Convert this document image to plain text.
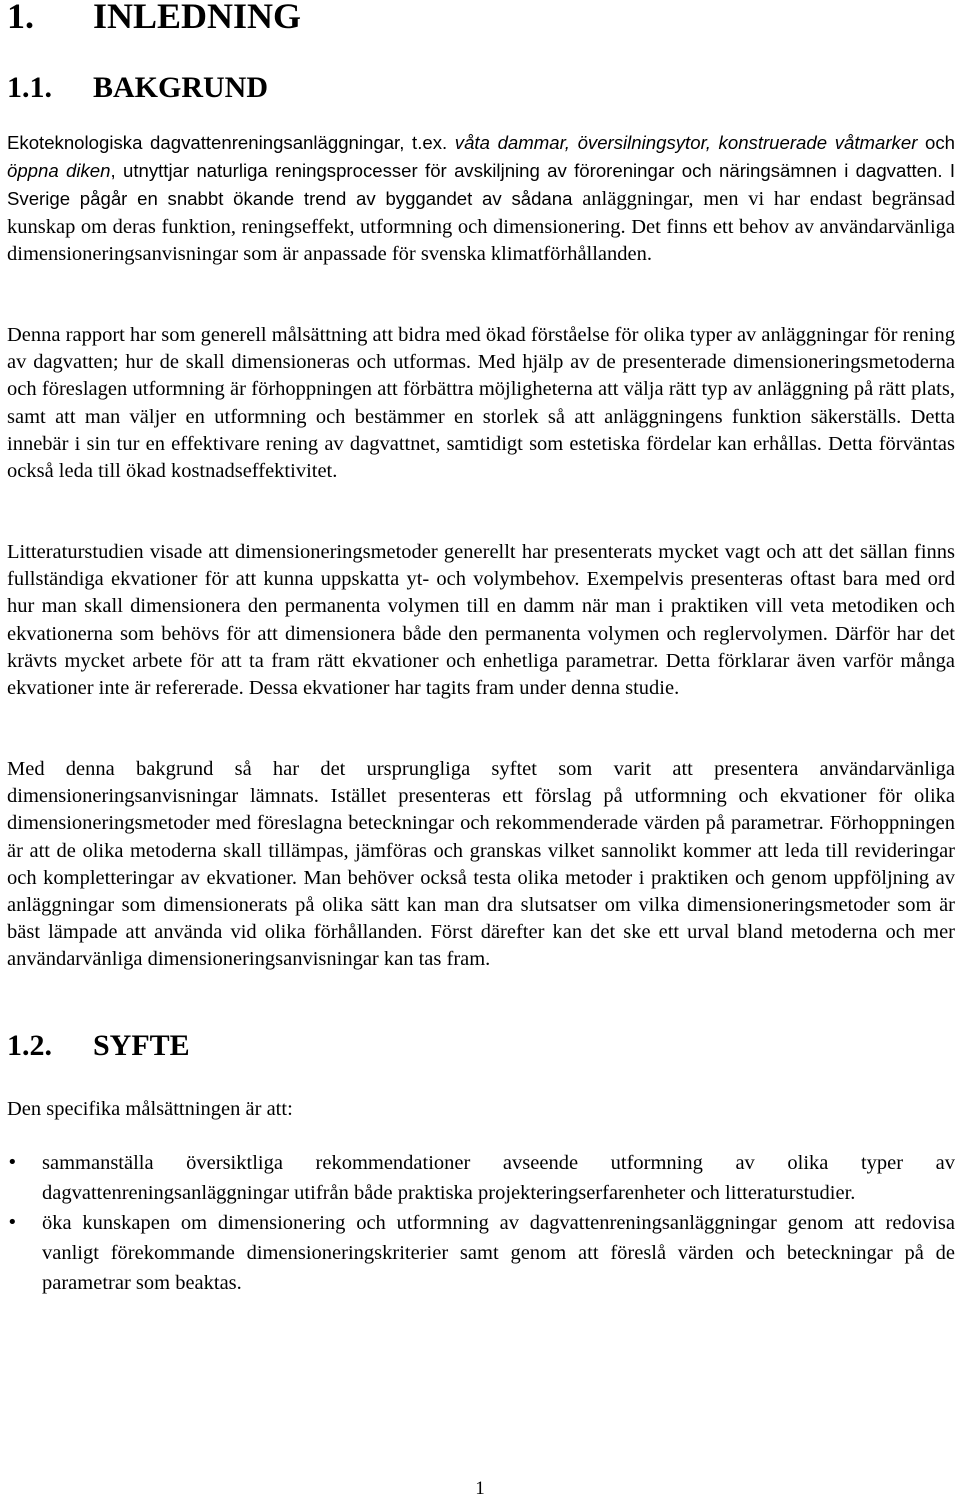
1. INLEDNING
1.1. BAKGRUND
Ekoteknologiska dagvattenreningsanläggningar, t.ex. våta dammar, översilningsytor, konstruerade våtmarker och öppna diken, utnyttjar naturliga reningsprocesser för avskiljning av föroreningar och näringsämnen i dagvatten. I Sverige pågår en snabbt ökande trend av byggandet av sådana anläggningar, men vi har endast begränsad kunskap om deras funktion, reningseffekt, utformning och dimensionering. Det finns ett behov av användarvänliga dimensioneringsanvisningar som är anpassade för svenska klimatförhållanden.
Denna rapport har som generell målsättning att bidra med ökad förståelse för olika typer av anläggningar för rening av dagvatten; hur de skall dimensioneras och utformas. Med hjälp av de presenterade dimensioneringsmetoderna och föreslagen utformning är förhoppningen att förbättra möjligheterna att välja rätt typ av anläggning på rätt plats, samt att man väljer en utformning och bestämmer en storlek så att anläggningens funktion säkerställs. Detta innebär i sin tur en effektivare rening av dagvattnet, samtidigt som estetiska fördelar kan erhållas. Detta förväntas också leda till ökad kostnadseffektivitet.
Litteraturstudien visade att dimensioneringsmetoder generellt har presenterats mycket vagt och att det sällan finns fullständiga ekvationer för att kunna uppskatta yt- och volymbehov. Exempelvis presenteras oftast bara med ord hur man skall dimensionera den permanenta volymen till en damm när man i praktiken vill veta metodiken och ekvationerna som behövs för att dimensionera både den permanenta volymen och reglervolymen. Därför har det krävts mycket arbete för att ta fram rätt ekvationer och enhetliga parametrar. Detta förklarar även varför många ekvationer inte är refererade. Dessa ekvationer har tagits fram under denna studie.
Med denna bakgrund så har det ursprungliga syftet som varit att presentera användarvänliga dimensioneringsanvisningar lämnats. Istället presenteras ett förslag på utformning och ekvationer för olika dimensioneringsmetoder med föreslagna beteckningar och rekommenderade värden på parametrar. Förhoppningen är att de olika metoderna skall tillämpas, jämföras och granskas vilket sannolikt kommer att leda till revideringar och kompletteringar av ekvationer. Man behöver också testa olika metoder i praktiken och genom uppföljning av anläggningar som dimensionerats på olika sätt kan man dra slutsatser om vilka dimensioneringsmetoder som är bäst lämpade att använda vid olika förhållanden. Först därefter kan det ske ett urval bland metoderna och mer användarvänliga dimensioneringsanvisningar kan tas fram.
1.2. SYFTE
Den specifika målsättningen är att:
• sammanställa översiktliga rekommendationer avseende utformning av olika typer av dagvattenreningsanläggningar utifrån både praktiska projekteringserfarenheter och litteraturstudier.
• öka kunskapen om dimensionering och utformning av dagvattenreningsanläggningar genom att redovisa vanligt förekommande dimensioneringskriterier samt genom att föreslå värden och beteckningar på de parametrar som beaktas.
1
